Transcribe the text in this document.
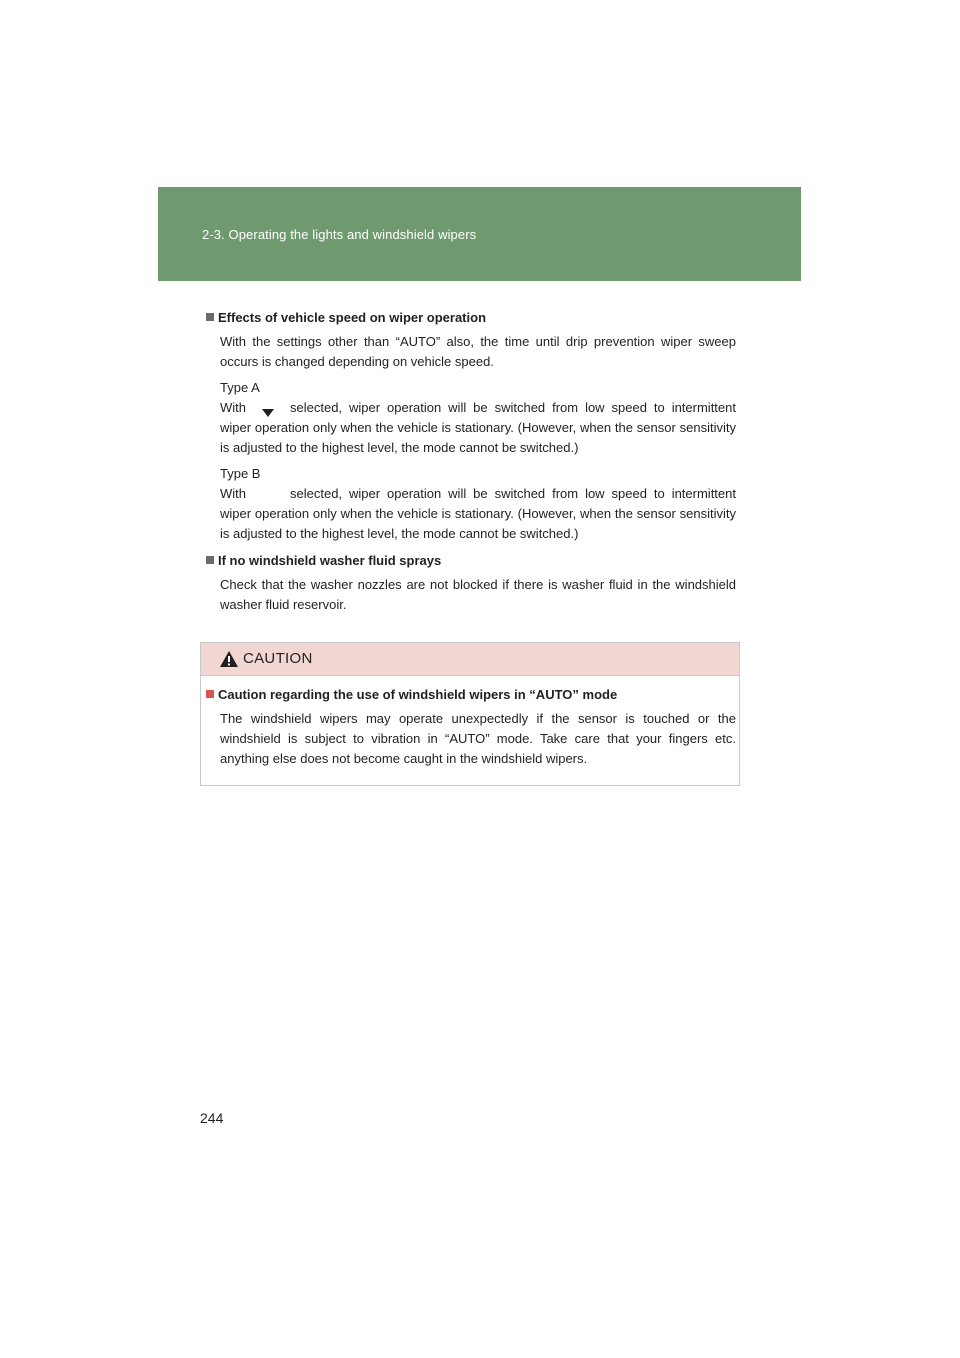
2-3. Operating the lights and windshield wipers

Effects of vehicle speed on wiper operation

With the settings other than “AUTO” also, the time until drip prevention wiper sweep occurs is changed depending on vehicle speed.

Type A

With	selected, wiper operation will be switched from low speed to intermittent wiper operation only when the vehicle is stationary. (However, when the sensor sensitivity is adjusted to the highest level, the mode cannot be switched.)

Type B

With	selected, wiper operation will be switched from low speed to intermittent wiper operation only when the vehicle is stationary. (However, when the sensor sensitivity is adjusted to the highest level, the mode cannot be switched.)

If no windshield washer fluid sprays

Check that the washer nozzles are not blocked if there is washer fluid in the windshield washer fluid reservoir.

CAUTION

Caution regarding the use of windshield wipers in “AUTO” mode

The windshield wipers may operate unexpectedly if the sensor is touched or the windshield is subject to vibration in “AUTO” mode. Take care that your fingers etc. anything else does not become caught in the windshield wipers.

244
